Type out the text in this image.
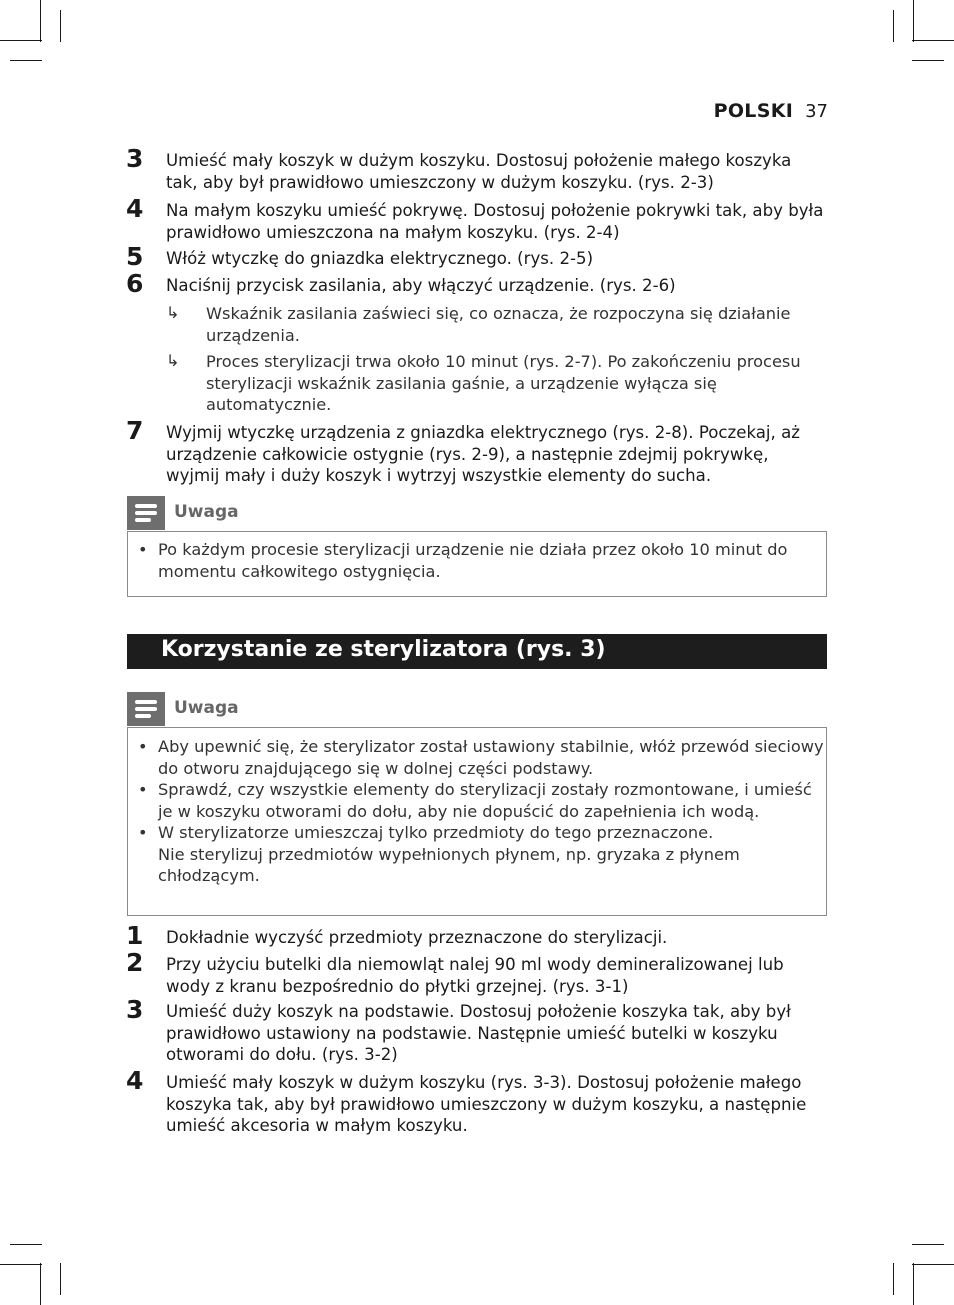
POLSKI 37
3 Umieść mały koszyk w dużym koszyku. Dostosuj położenie małego koszyka tak, aby był prawidłowo umieszczony w dużym koszyku. (rys. 2-3)
4 Na małym koszyku umieść pokrywę. Dostosuj położenie pokrywki tak, aby była prawidłowo umieszczona na małym koszyku. (rys. 2-4)
5 Włóż wtyczkę do gniazdka elektrycznego. (rys. 2-5)
6 Naciśnij przycisk zasilania, aby włączyć urządzenie. (rys. 2-6)
↳ Wskaźnik zasilania zaświeci się, co oznacza, że rozpoczyna się działanie urządzenia.
↳ Proces sterylizacji trwa około 10 minut (rys. 2-7). Po zakończeniu procesu sterylizacji wskaźnik zasilania gaśnie, a urządzenie wyłącza się automatycznie.
7 Wyjmij wtyczkę urządzenia z gniazdka elektrycznego (rys. 2-8). Poczekaj, aż urządzenie całkowicie ostygnie (rys. 2-9), a następnie zdejmij pokrywkę, wyjmij mały i duży koszyk i wytrzyj wszystkie elementy do sucha.
Uwaga
• Po każdym procesie sterylizacji urządzenie nie działa przez około 10 minut do momentu całkowitego ostygnięcia.
Korzystanie ze sterylizatora (rys. 3)
Uwaga
• Aby upewnić się, że sterylizator został ustawiony stabilnie, włóż przewód sieciowy do otworu znajdującego się w dolnej części podstawy.
• Sprawdź, czy wszystkie elementy do sterylizacji zostały rozmontowane, i umieść je w koszyku otworami do dołu, aby nie dopuścić do zapełnienia ich wodą.
• W sterylizatorze umieszczaj tylko przedmioty do tego przeznaczone.
Nie sterylizuj przedmiotów wypełnionych płynem, np. gryzaka z płynem chłodzącym.
1 Dokładnie wyczyść przedmioty przeznaczone do sterylizacji.
2 Przy użyciu butelki dla niemowląt nalej 90 ml wody demineralizowanej lub wody z kranu bezpośrednio do płytki grzejnej. (rys. 3-1)
3 Umieść duży koszyk na podstawie. Dostosuj położenie koszyka tak, aby był prawidłowo ustawiony na podstawie. Następnie umieść butelki w koszyku otworami do dołu. (rys. 3-2)
4 Umieść mały koszyk w dużym koszyku (rys. 3-3). Dostosuj położenie małego koszyka tak, aby był prawidłowo umieszczony w dużym koszyku, a następnie umieść akcesoria w małym koszyku.
